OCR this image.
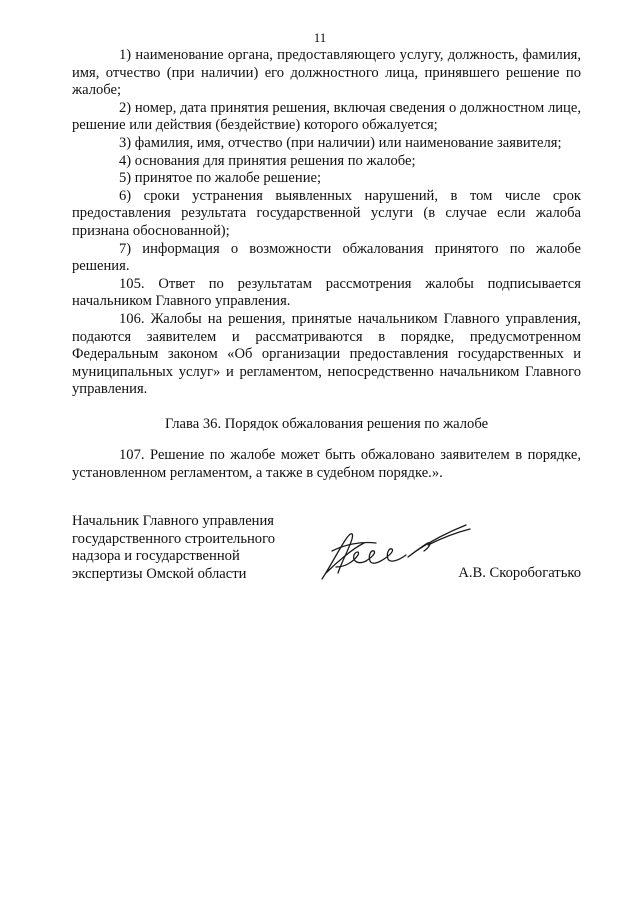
11

1) наименование органа, предоставляющего услугу, должность, фамилия, имя, отчество (при наличии) его должностного лица, принявшего решение по жалобе;

2) номер, дата принятия решения, включая сведения о должностном лице, решение или действия (бездействие) которого обжалуется;

3) фамилия, имя, отчество (при наличии) или наименование заявителя;

4) основания для принятия решения по жалобе;

5) принятое по жалобе решение;

6) сроки устранения выявленных нарушений, в том числе срок предоставления результата государственной услуги (в случае если жалоба признана обоснованной);

7) информация о возможности обжалования принятого по жалобе решения.

105. Ответ по результатам рассмотрения жалобы подписывается начальником Главного управления.

106. Жалобы на решения, принятые начальником Главного управления, подаются заявителем и рассматриваются в порядке, предусмотренном Федеральным законом «Об организации предоставления государственных и муниципальных услуг» и регламентом, непосредственно начальником Главного управления.

Глава 36. Порядок обжалования решения по жалобе

107. Решение по жалобе может быть обжаловано заявителем в порядке, установленном регламентом, а также в судебном порядке.».

Начальник Главного управления
государственного строительного
надзора и государственной
экспертизы Омской области	А.В. Скоробогатько
